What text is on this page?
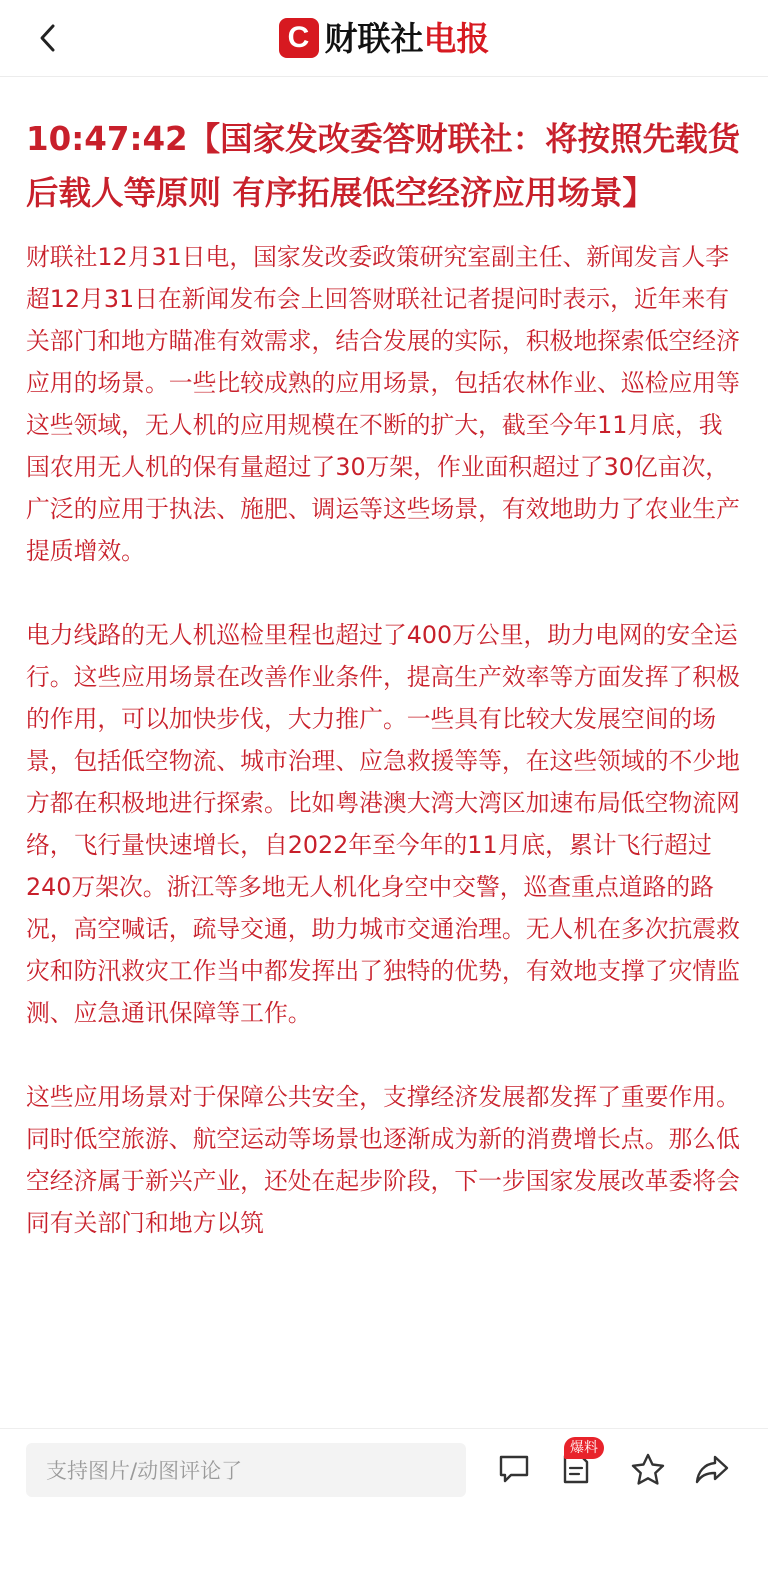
C 财联社电报
10:47:42【国家发改委答财联社：将按照先载货后载人等原则 有序拓展低空经济应用场景】

财联社12月31日电，国家发改委政策研究室副主任、新闻发言人李超12月31日在新闻发布会上回答财联社记者提问时表示，近年来有关部门和地方瞄准有效需求，结合发展的实际，积极地探索低空经济应用的场景。一些比较成熟的应用场景，包括农林作业、巡检应用等这些领域，无人机的应用规模在不断的扩大，截至今年11月底，我国农用无人机的保有量超过了30万架，作业面积超过了30亿亩次，广泛的应用于执法、施肥、调运等这些场景，有效地助力了农业生产提质增效。

电力线路的无人机巡检里程也超过了400万公里，助力电网的安全运行。这些应用场景在改善作业条件，提高生产效率等方面发挥了积极的作用，可以加快步伐，大力推广。一些具有比较大发展空间的场景，包括低空物流、城市治理、应急救援等等，在这些领域的不少地方都在积极地进行探索。比如粤港澳大湾大湾区加速布局低空物流网络，飞行量快速增长，自2022年至今年的11月底，累计飞行超过240万架次。浙江等多地无人机化身空中交警，巡查重点道路的路况，高空喊话，疏导交通，助力城市交通治理。无人机在多次抗震救灾和防汛救灾工作当中都发挥出了独特的优势，有效地支撑了灾情监测、应急通讯保障等工作。

这些应用场景对于保障公共安全，支撑经济发展都发挥了重要作用。同时低空旅游、航空运动等场景也逐渐成为新的消费增长点。那么低空经济属于新兴产业，还处在起步阶段，下一步国家发展改革委将会同有关部门和地方以筑

支持图片/动图评论了
爆料
